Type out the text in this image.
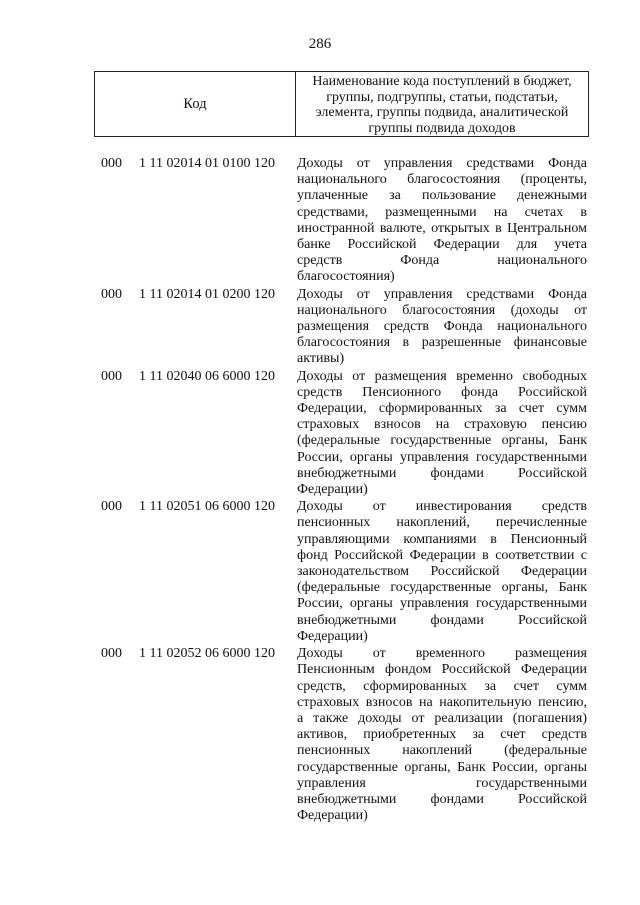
286
Код
Наименование кода поступлений в бюджет, группы, подгруппы, статьи, подстатьи, элемента, группы подвида, аналитической группы подвида доходов
000	1 11 02014 01 0100 120	Доходы от управления средствами Фонда
национального благосостояния (проценты,
уплаченные за пользование денежными
средствами, размещенными на счетах в
иностранной валюте, открытых в Центральном
банке Российской Федерации для учета
средств Фонда национального
благосостояния)
000	1 11 02014 01 0200 120	Доходы от управления средствами Фонда
национального благосостояния (доходы от
размещения средств Фонда национального
благосостояния в разрешенные финансовые
активы)
000	1 11 02040 06 6000 120	Доходы от размещения временно свободных
средств Пенсионного фонда Российской
Федерации, сформированных за счет сумм
страховых взносов на страховую пенсию
(федеральные государственные органы, Банк
России, органы управления государственными
внебюджетными фондами Российской
Федерации)
000	1 11 02051 06 6000 120	Доходы от инвестирования средств
пенсионных накоплений, перечисленные
управляющими компаниями в Пенсионный
фонд Российской Федерации в соответствии с
законодательством Российской Федерации
(федеральные государственные органы, Банк
России, органы управления государственными
внебюджетными фондами Российской
Федерации)
000	1 11 02052 06 6000 120	Доходы от временного размещения
Пенсионным фондом Российской Федерации
средств, сформированных за счет сумм
страховых взносов на накопительную пенсию,
а также доходы от реализации (погашения)
активов, приобретенных за счет средств
пенсионных накоплений (федеральные
государственные органы, Банк России, органы
управления государственными
внебюджетными фондами Российской
Федерации)
